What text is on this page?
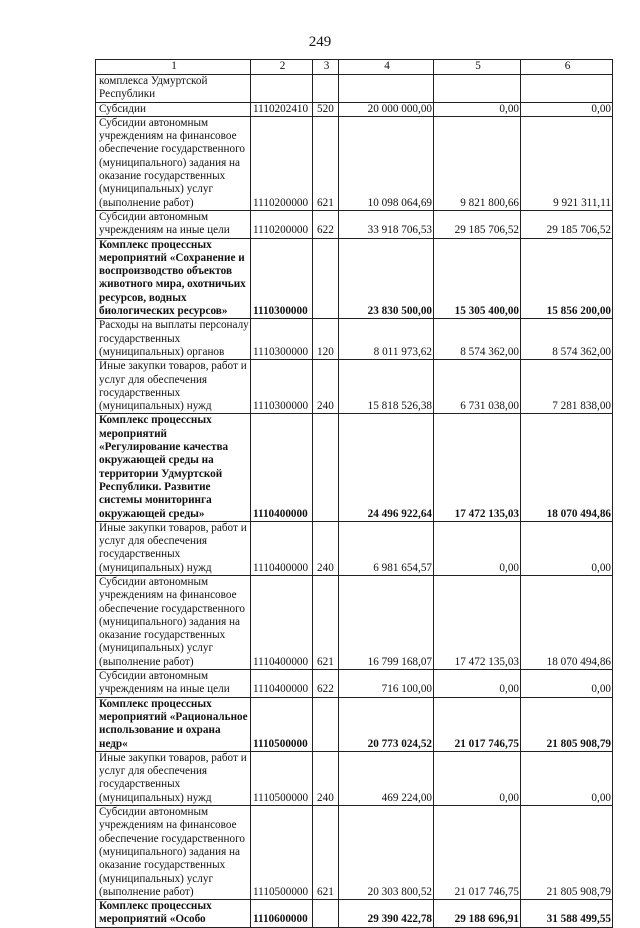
249
1	2	3	4	5	6
комплекса Удмуртской Республики					
Субсидии	1110202410	520	20 000 000,00	0,00	0,00
Субсидии автономным учреждениям на финансовое обеспечение государственного (муниципального) задания на оказание государственных (муниципальных) услуг (выполнение работ)	1110200000	621	10 098 064,69	9 821 800,66	9 921 311,11
Субсидии автономным учреждениям на иные цели	1110200000	622	33 918 706,53	29 185 706,52	29 185 706,52
Комплекс процессных мероприятий «Сохранение и воспроизводство объектов животного мира, охотничьих ресурсов, водных биологических ресурсов»	1110300000		23 830 500,00	15 305 400,00	15 856 200,00
Расходы на выплаты персоналу государственных (муниципальных) органов	1110300000	120	8 011 973,62	8 574 362,00	8 574 362,00
Иные закупки товаров, работ и услуг для обеспечения государственных (муниципальных) нужд	1110300000	240	15 818 526,38	6 731 038,00	7 281 838,00
Комплекс процессных мероприятий «Регулирование качества окружающей среды на территории Удмуртской Республики. Развитие системы мониторинга окружающей среды»	1110400000		24 496 922,64	17 472 135,03	18 070 494,86
Иные закупки товаров, работ и услуг для обеспечения государственных (муниципальных) нужд	1110400000	240	6 981 654,57	0,00	0,00
Субсидии автономным учреждениям на финансовое обеспечение государственного (муниципального) задания на оказание государственных (муниципальных) услуг (выполнение работ)	1110400000	621	16 799 168,07	17 472 135,03	18 070 494,86
Субсидии автономным учреждениям на иные цели	1110400000	622	716 100,00	0,00	0,00
Комплекс процессных мероприятий «Рациональное использование и охрана недр«	1110500000		20 773 024,52	21 017 746,75	21 805 908,79
Иные закупки товаров, работ и услуг для обеспечения государственных (муниципальных) нужд	1110500000	240	469 224,00	0,00	0,00
Субсидии автономным учреждениям на финансовое обеспечение государственного (муниципального) задания на оказание государственных (муниципальных) услуг (выполнение работ)	1110500000	621	20 303 800,52	21 017 746,75	21 805 908,79
Комплекс процессных мероприятий «Особо	1110600000		29 390 422,78	29 188 696,91	31 588 499,55
